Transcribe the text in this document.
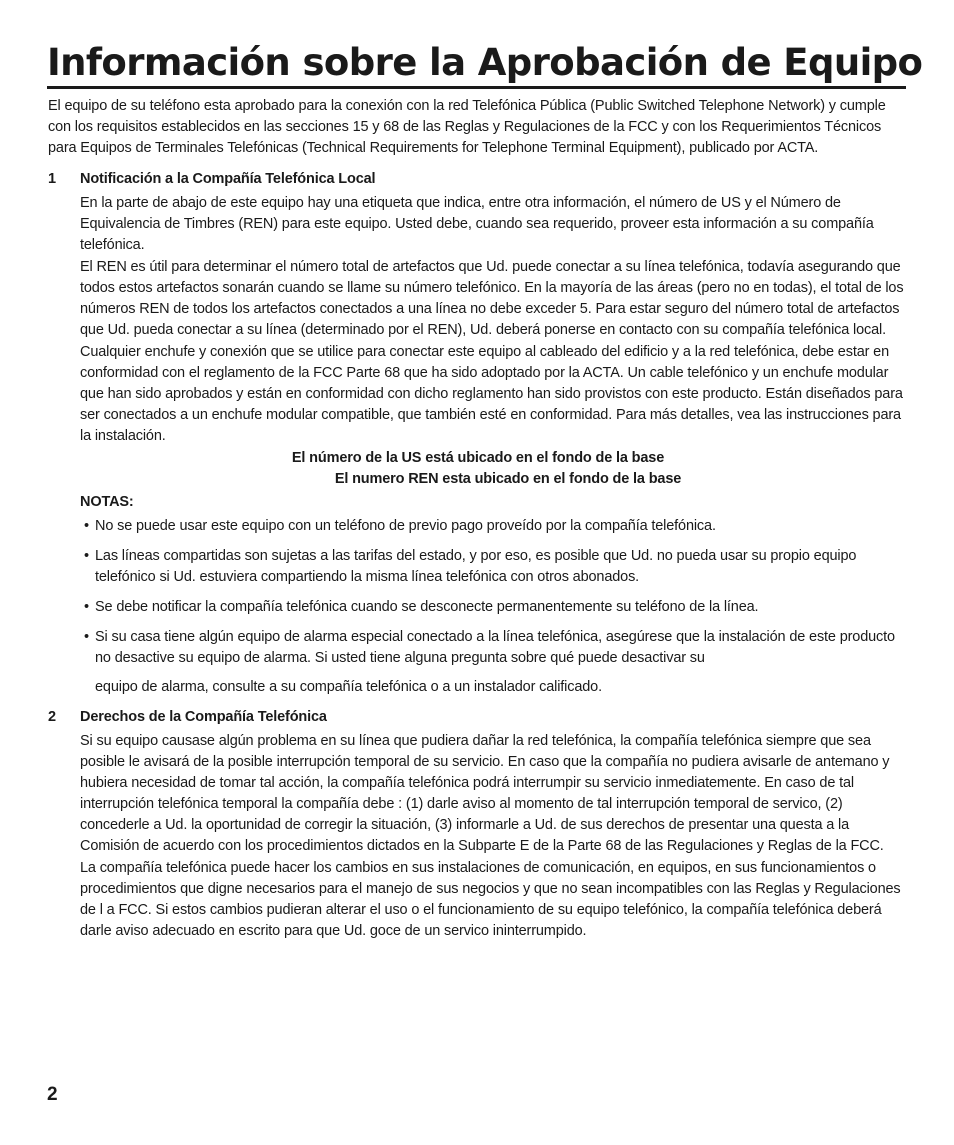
Información sobre la Aprobación de Equipo

El equipo de su teléfono esta aprobado para la conexión con la red Telefónica Pública (Public Switched Telephone Network) y cumple con los requisitos establecidos en las secciones 15 y 68 de las Reglas y Regulaciones de la FCC y con los Requerimientos Técnicos para Equipos de Terminales Telefónicas (Technical Requirements for Telephone Terminal Equipment), publicado por ACTA.

1 Notificación a la Compañía Telefónica Local

En la parte de abajo de este equipo hay una etiqueta que indica, entre otra información, el número de US y el Número de Equivalencia de Timbres (REN) para este equipo. Usted debe, cuando sea requerido, proveer esta información a su compañía telefónica.

El REN es útil para determinar el número total de artefactos que Ud. puede conectar a su línea telefónica, todavía asegurando que todos estos artefactos sonarán cuando se llame su número telefónico. En la mayoría de las áreas (pero no en todas), el total de los números REN de todos los artefactos conectados a una línea no debe exceder 5. Para estar seguro del número total de artefactos que Ud. pueda conectar a su línea (determinado por el REN), Ud. deberá ponerse en contacto con su compañía telefónica local.

Cualquier enchufe y conexión que se utilice para conectar este equipo al cableado del edificio y a la red telefónica, debe estar en conformidad con el reglamento de la FCC Parte 68 que ha sido adoptado por la ACTA. Un cable telefónico y un enchufe modular que han sido aprobados y están en conformidad con dicho reglamento han sido provistos con este producto. Están diseñados para ser conectados a un enchufe modular compatible, que también esté en conformidad. Para más detalles, vea las instrucciones para la instalación.

El número de la US está ubicado en el fondo de la base

El numero REN esta ubicado en el fondo de la base

NOTAS:

• No se puede usar este equipo con un teléfono de previo pago proveído por la compañía telefónica.
• Las líneas compartidas son sujetas a las tarifas del estado, y por eso, es posible que Ud. no pueda usar su propio equipo telefónico si Ud. estuviera compartiendo la misma línea telefónica con otros abonados.
• Se debe notificar la compañía telefónica cuando se desconecte permanentemente su teléfono de la línea.
• Si su casa tiene algún equipo de alarma especial conectado a la línea telefónica, asegúrese que la instalación de este producto no desactive su equipo de alarma. Si usted tiene alguna pregunta sobre qué puede desactivar su
equipo de alarma, consulte a su compañía telefónica o a un instalador calificado.
2 Derechos de la Compañía Telefónica

Si su equipo causase algún problema en su línea que pudiera dañar la red telefónica, la compañía telefónica siempre que sea posible le avisará de la posible interrupción temporal de su servicio. En caso que la compañía no pudiera avisarle de antemano y hubiera necesidad de tomar tal acción, la compañía telefónica podrá interrumpir su servicio inmediatemente. En caso de tal interrupción telefónica temporal la compañía debe : (1) darle aviso al momento de tal interrupción temporal de servico, (2) concederle a Ud. la oportunidad de corregir la situación, (3) informarle a Ud. de sus derechos de presentar una questa a la Comisión de acuerdo con los procedimientos dictados en la Subparte E de la Parte 68 de las Regulaciones y Reglas de la FCC.

La compañía telefónica puede hacer los cambios en sus instalaciones de comunicación, en equipos, en sus funcionamientos o procedimientos que digne necesarios para el manejo de sus negocios y que no sean incompatibles con las Reglas y Regulaciones de l a FCC. Si estos cambios pudieran alterar el uso o el funcionamiento de su equipo telefónico, la compañía telefónica deberá darle aviso adecuado en escrito para que Ud. goce de un servico ininterrumpido.

2
